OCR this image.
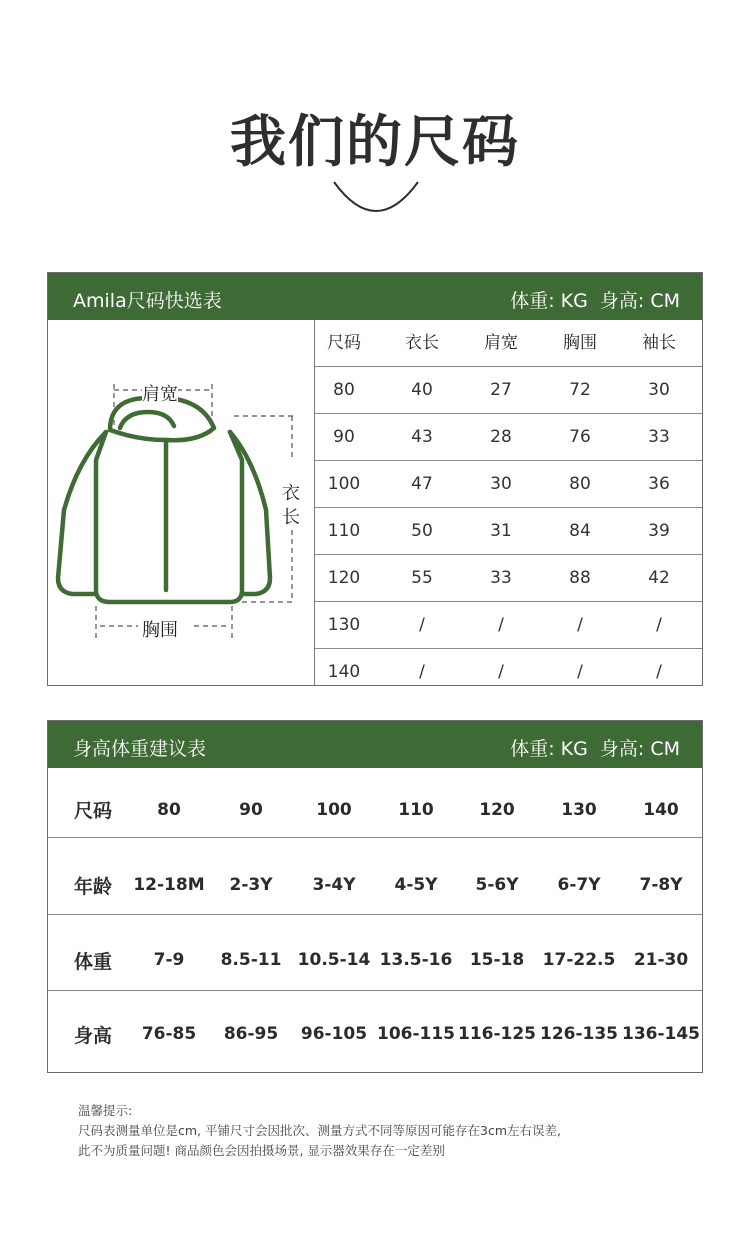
我们的尺码
Amila尺码快选表	体重: KG  身高: CM
肩宽
衣长
胸围
尺码	衣长	肩宽	胸围	袖长
80	40	27	72	30
90	43	28	76	33
100	47	30	80	36
110	50	31	84	39
120	55	33	88	42
130	/	/	/	/
140	/	/	/	/
身高体重建议表	体重: KG  身高: CM
尺码	80	90	100	110	120	130	140
年龄	12-18M	2-3Y	3-4Y	4-5Y	5-6Y	6-7Y	7-8Y
体重	7-9	8.5-11 10.5-14 13.5-16	15-18	17-22.5	21-30
身高	76-85	86-95	96-105 106-115 116-125 126-135 136-145
温馨提示:
尺码表测量单位是cm, 平铺尺寸会因批次、测量方式不同等原因可能存在3cm左右误差,
此不为质量问题! 商品颜色会因拍摄场景, 显示器效果存在一定差别
